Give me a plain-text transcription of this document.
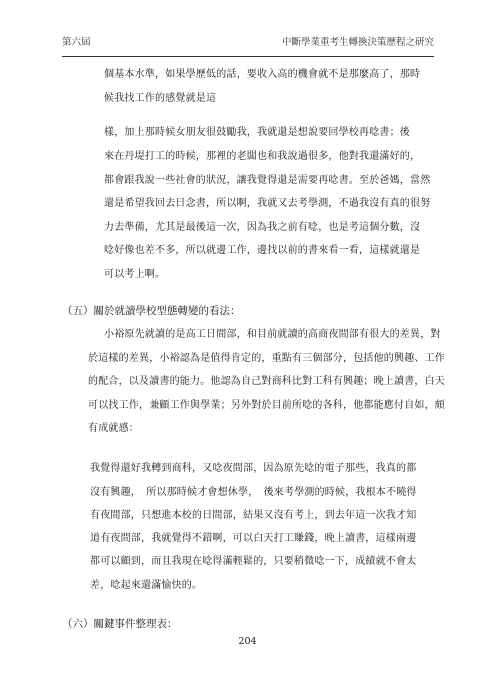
第六屆	中斷學業重考生轉換決策歷程之研究
個基本水準，如果學歷低的話，要收入高的機會就不是那麼高了，那時
候我找工作的感覺就是這
樣，加上那時候女朋友很鼓勵我，我就還是想說要回學校再唸書；後
來在丹堤打工的時候，那裡的老闆也和我說過很多，他對我還滿好的，
都會跟我說一些社會的狀況，讓我覺得還是需要再唸書。至於爸媽，當然
還是希望我回去日念書，所以啊，我就又去考學測，不過我沒有真的很努
力去準備，尤其是最後這一次，因為我之前有唸，也是考這個分數，沒
唸好像也差不多，所以就邊工作，邊找以前的書來看一看，這樣就還是
可以考上啊。
（五）關於就讀學校型態轉變的看法：
小裕原先就讀的是高工日間部，和目前就讀的高商夜間部有很大的差異，對
於這樣的差異，小裕認為是值得肯定的，重點有三個部分，包括他的興趣、工作
的配合，以及讀書的能力。他認為自己對商科比對工科有興趣；晚上讀書，白天
可以找工作，兼顧工作與學業；另外對於目前所唸的各科，他都能應付自如，頗
有成就感：
我覺得還好我轉到商科，又唸夜間部，因為原先唸的電子那些，我真的都
沒有興趣，　所以那時候才會想休學，　後來考學測的時候，我根本不曉得
有夜間部，只想進本校的日間部，結果又沒有考上，到去年這一次我才知
道有夜間部，我就覺得不錯啊，可以白天打工賺錢，晚上讀書，這樣兩邊
都可以顧到，而且我現在唸得滿輕鬆的，只要稍微唸一下，成績就不會太
差，唸起來還滿愉快的。
（六）關鍵事件整理表：
204
